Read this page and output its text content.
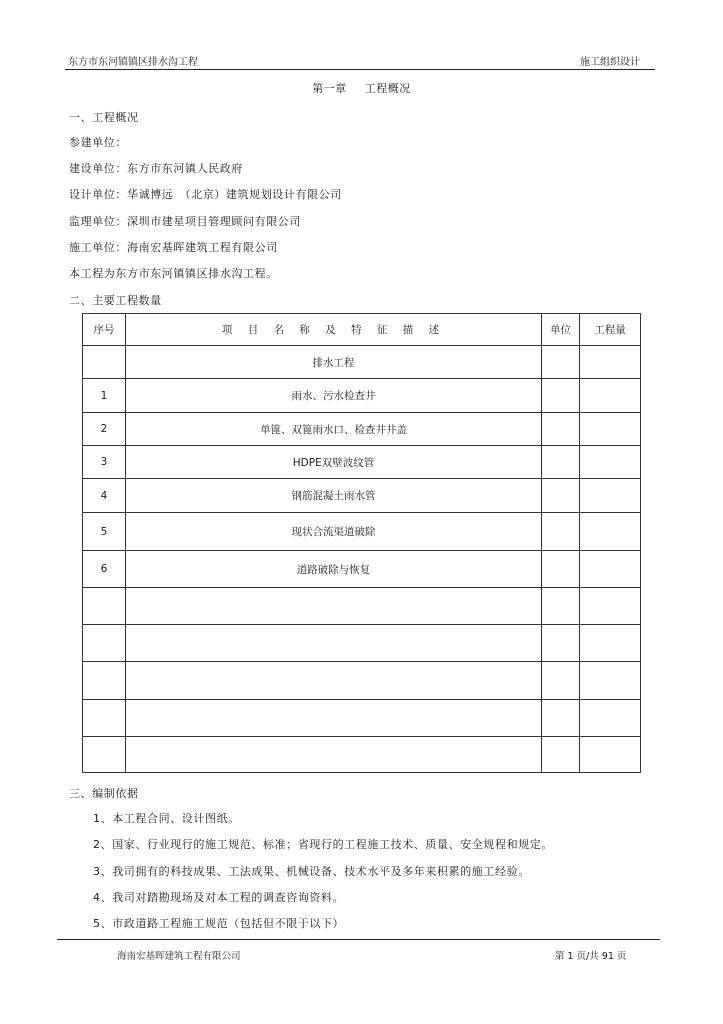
东方市东河镇镇区排水沟工程	施工组织设计
第一章 工程概况
一、工程概况
参建单位：
建设单位：东方市东河镇人民政府
设计单位：华诚博远　（北京）建筑规划设计有限公司
监理单位：深圳市建星项目管理顾问有限公司
施工单位：海南宏基晖建筑工程有限公司
本工程为东方市东河镇镇区排水沟工程。
二、主要工程数量
序号	项 目 名 称 及 特 征 描 述	单位	工程量
	排水工程		
1	雨水、污水检查井		
2	单篦、双篦雨水口、检查井井盖		
3	HDPE双壁波纹管		
4	钢筋混凝土雨水管		
5	现状合流渠道破除		
6	道路破除与恢复		

三、编制依据
1、本工程合同、设计图纸。
2、国家、行业现行的施工规范、标准；省现行的工程施工技术、质量、安全规程和规定。
3、我司拥有的科技成果、工法成果、机械设备、技术水平及多年来积累的施工经验。
4、我司对踏勘现场及对本工程的调查咨询资料。
5、市政道路工程施工规范（包括但不限于以下）
海南宏基晖建筑工程有限公司	第 1 页/共 91 页
